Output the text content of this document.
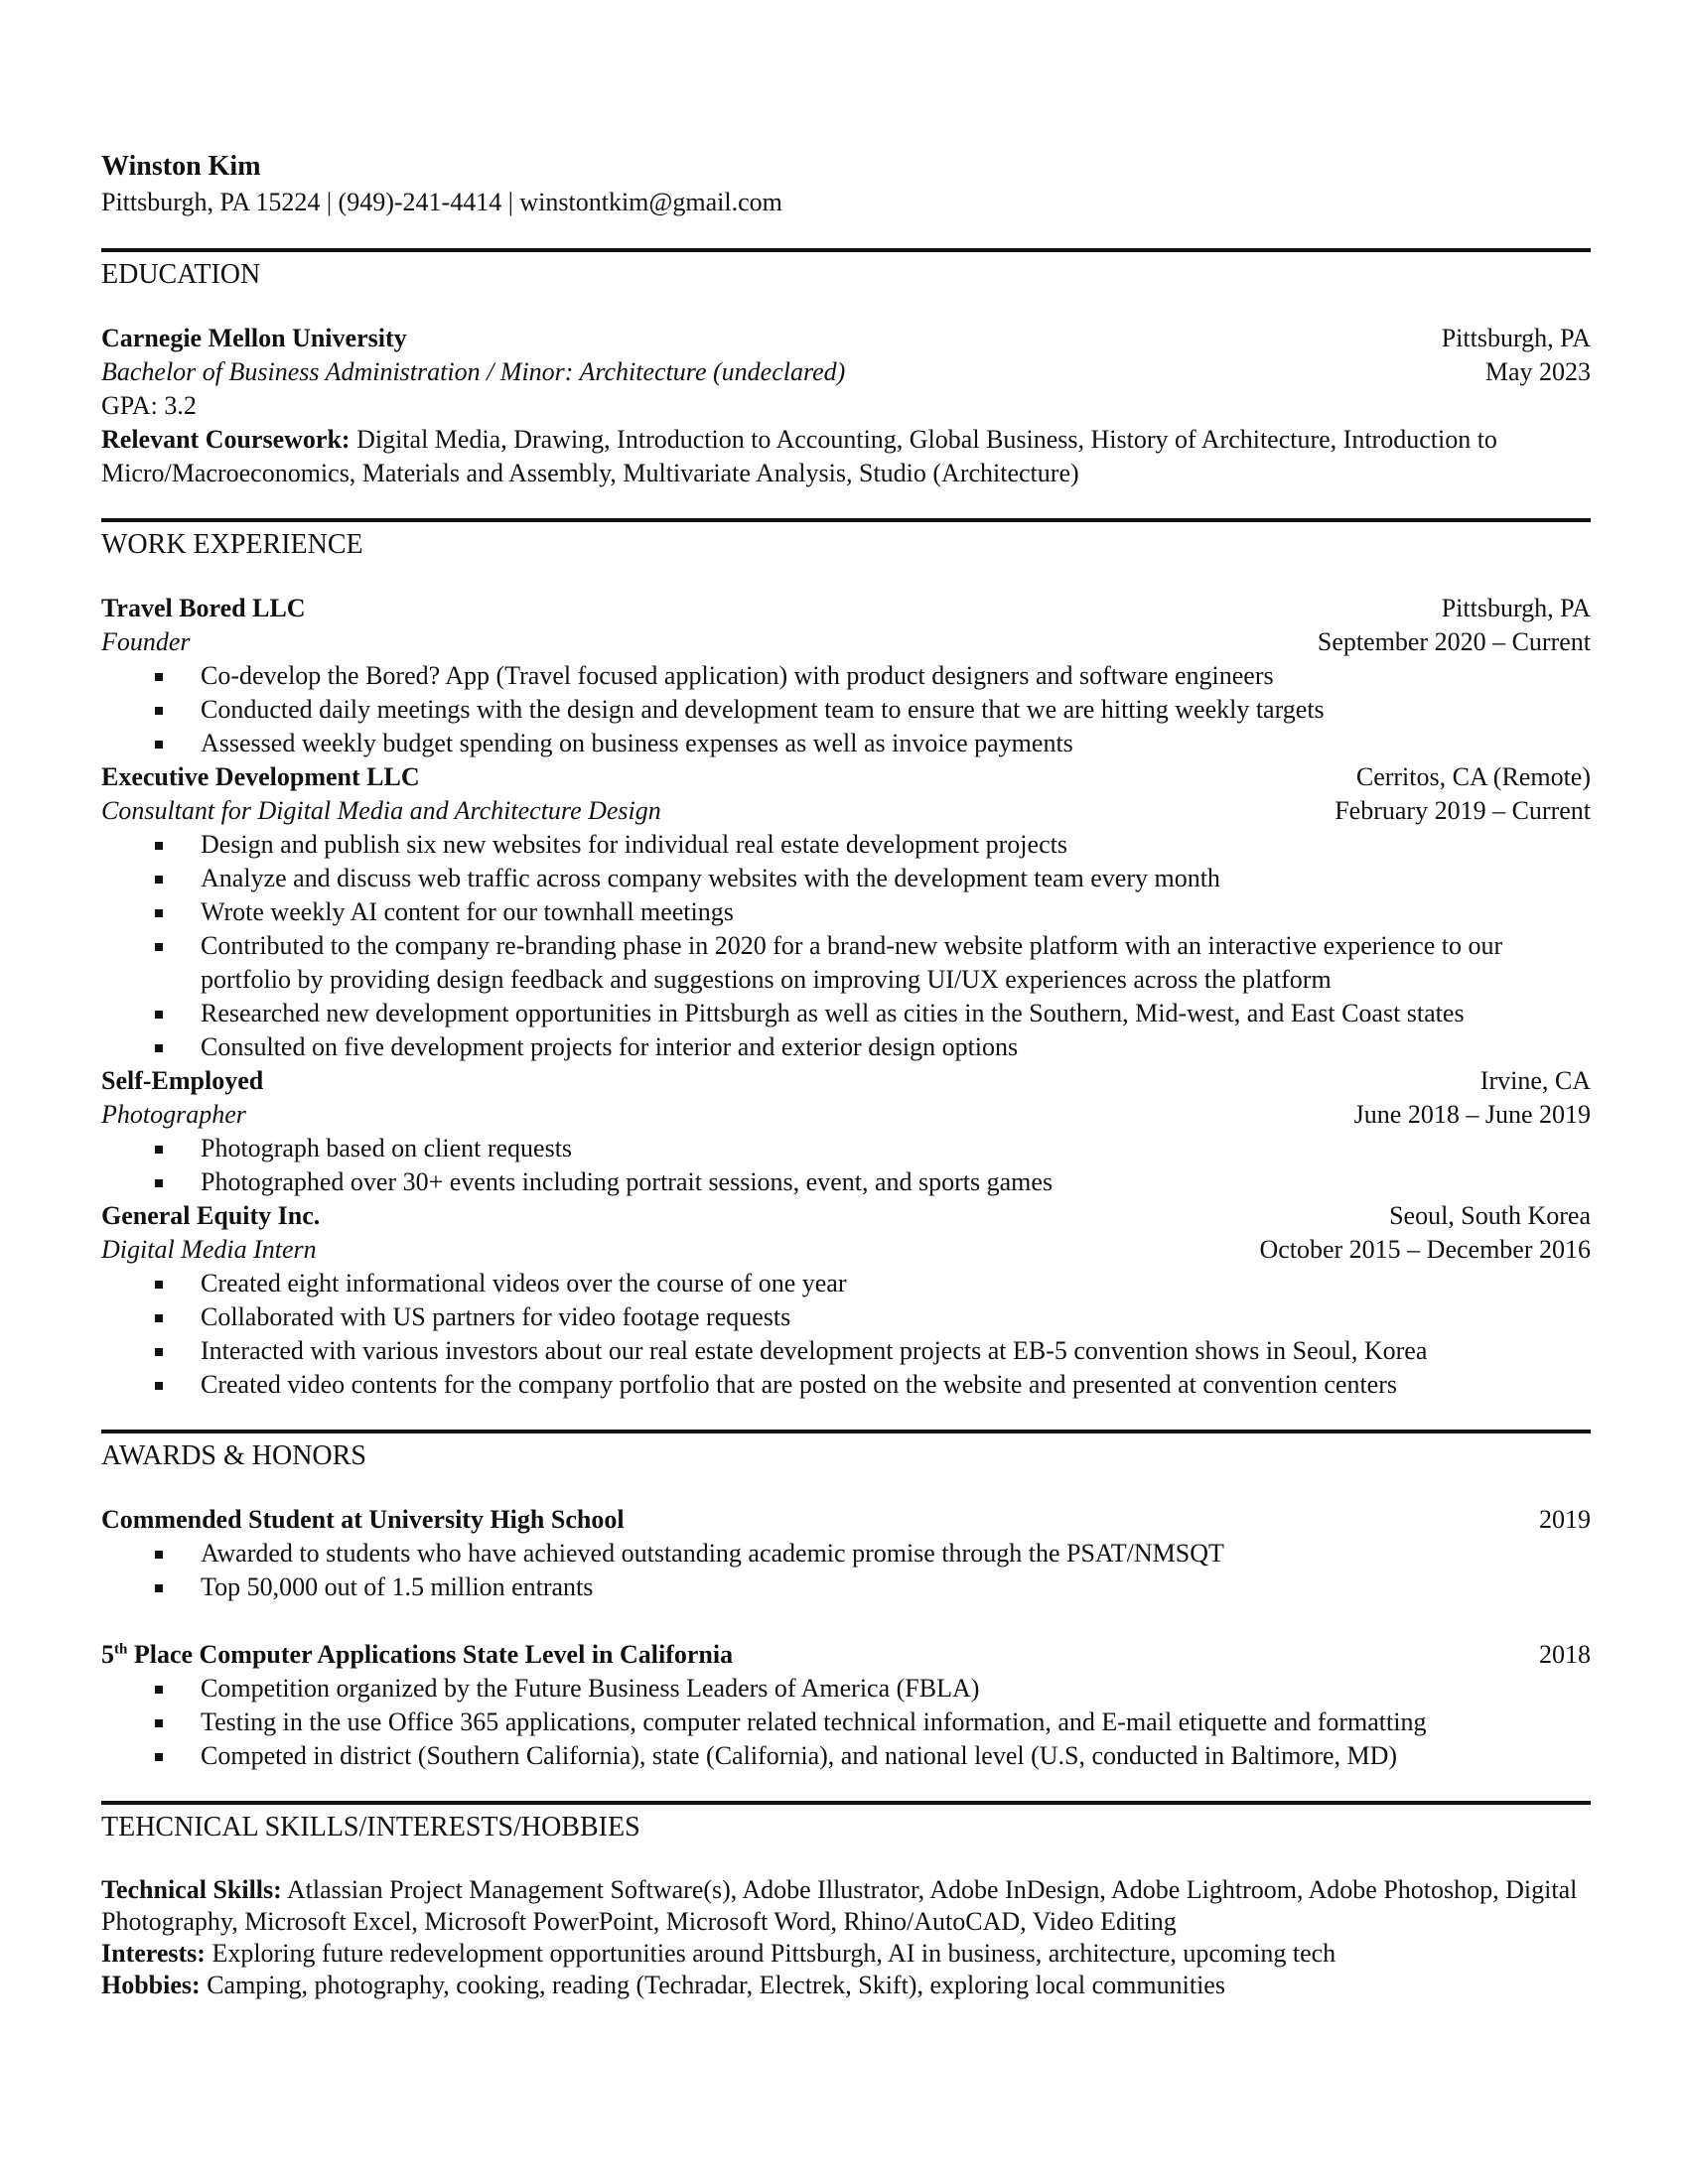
Winston Kim
Pittsburgh, PA 15224 | (949)-241-4414 | winstontkim@gmail.com
EDUCATION
Carnegie Mellon University	Pittsburgh, PA
Bachelor of Business Administration / Minor: Architecture (undeclared)	May 2023
GPA: 3.2
Relevant Coursework: Digital Media, Drawing, Introduction to Accounting, Global Business, History of Architecture, Introduction to Micro/Macroeconomics, Materials and Assembly, Multivariate Analysis, Studio (Architecture)
WORK EXPERIENCE
Travel Bored LLC	Pittsburgh, PA
Founder	September 2020 – Current
Co-develop the Bored? App (Travel focused application) with product designers and software engineers
Conducted daily meetings with the design and development team to ensure that we are hitting weekly targets
Assessed weekly budget spending on business expenses as well as invoice payments
Executive Development LLC	Cerritos, CA (Remote)
Consultant for Digital Media and Architecture Design	February 2019 – Current
Design and publish six new websites for individual real estate development projects
Analyze and discuss web traffic across company websites with the development team every month
Wrote weekly AI content for our townhall meetings
Contributed to the company re-branding phase in 2020 for a brand-new website platform with an interactive experience to our portfolio by providing design feedback and suggestions on improving UI/UX experiences across the platform
Researched new development opportunities in Pittsburgh as well as cities in the Southern, Mid-west, and East Coast states
Consulted on five development projects for interior and exterior design options
Self-Employed	Irvine, CA
Photographer	June 2018 – June 2019
Photograph based on client requests
Photographed over 30+ events including portrait sessions, event, and sports games
General Equity Inc.	Seoul, South Korea
Digital Media Intern	October 2015 – December 2016
Created eight informational videos over the course of one year
Collaborated with US partners for video footage requests
Interacted with various investors about our real estate development projects at EB-5 convention shows in Seoul, Korea
Created video contents for the company portfolio that are posted on the website and presented at convention centers
AWARDS & HONORS
Commended Student at University High School	2019
Awarded to students who have achieved outstanding academic promise through the PSAT/NMSQT
Top 50,000 out of 1.5 million entrants
5th Place Computer Applications State Level in California	2018
Competition organized by the Future Business Leaders of America (FBLA)
Testing in the use Office 365 applications, computer related technical information, and E-mail etiquette and formatting
Competed in district (Southern California), state (California), and national level (U.S, conducted in Baltimore, MD)
TEHCNICAL SKILLS/INTERESTS/HOBBIES
Technical Skills: Atlassian Project Management Software(s), Adobe Illustrator, Adobe InDesign, Adobe Lightroom, Adobe Photoshop, Digital Photography, Microsoft Excel, Microsoft PowerPoint, Microsoft Word, Rhino/AutoCAD, Video Editing
Interests: Exploring future redevelopment opportunities around Pittsburgh, AI in business, architecture, upcoming tech
Hobbies: Camping, photography, cooking, reading (Techradar, Electrek, Skift), exploring local communities
